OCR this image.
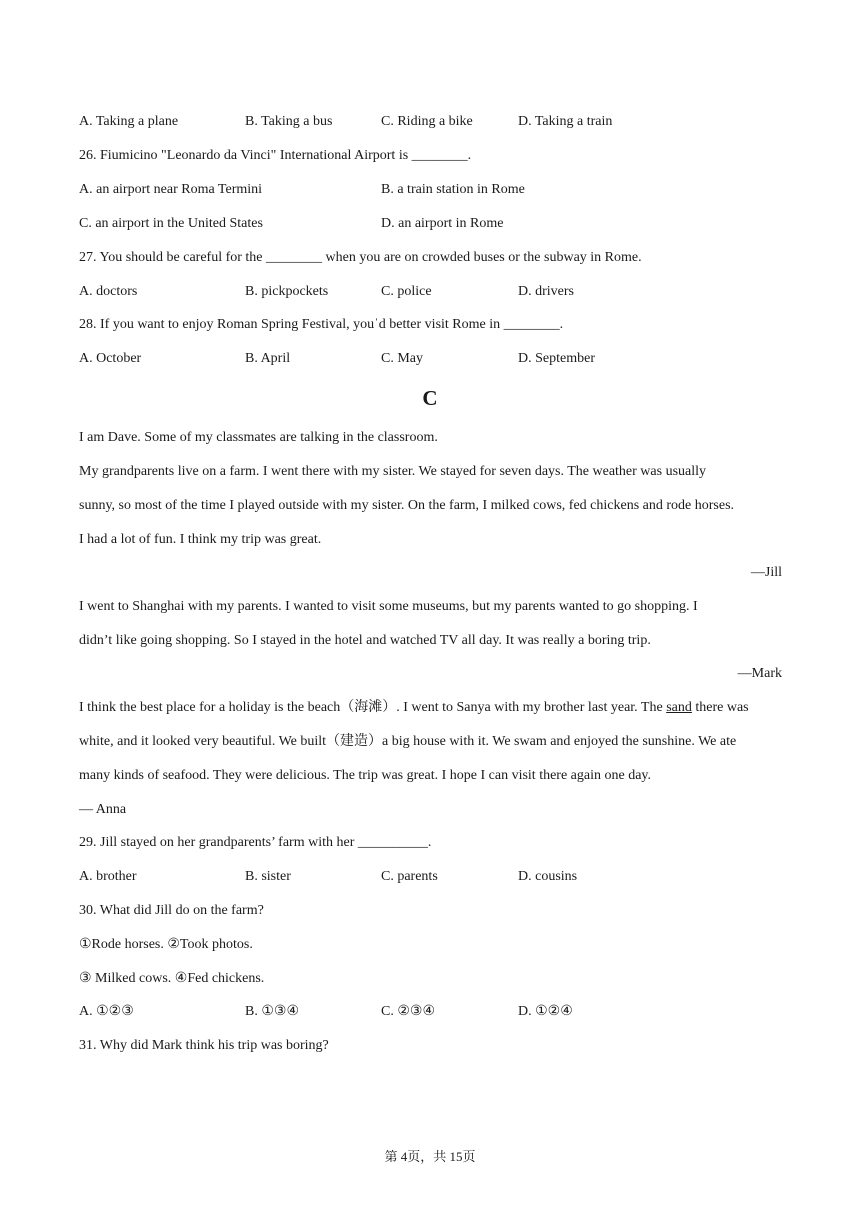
A. Taking a plane	B. Taking a bus	C. Riding a bike	D. Taking a train
26. Fiumicino "Leonardo da Vinci" International Airport is ________.
A. an airport near Roma Termini	B. a train station in Rome
C. an airport in the United States	D. an airport in Rome
27. You should be careful for the ________ when you are on crowded buses or the subway in Rome.
A. doctors	B. pickpockets	C. police	D. drivers
28. If you want to enjoy Roman Spring Festival, youˈd better visit Rome in ________.
A. October	B. April	C. May	D. September
C
I am Dave. Some of my classmates are talking in the classroom.
My grandparents live on a farm. I went there with my sister. We stayed for seven days. The weather was usually
sunny, so most of the time I played outside with my sister. On the farm, I milked cows, fed chickens and rode horses.
I had a lot of fun. I think my trip was great.
—Jill
I went to Shanghai with my parents. I wanted to visit some museums, but my parents wanted to go shopping. I
didn’t like going shopping. So I stayed in the hotel and watched TV all day. It was really a boring trip.
—Mark
I think the best place for a holiday is the beach（海滩）. I went to Sanya with my brother last year. The sand there was
white, and it looked very beautiful. We built（建造）a big house with it. We swam and enjoyed the sunshine. We ate
many kinds of seafood. They were delicious. The trip was great. I hope I can visit there again one day.
— Anna
29. Jill stayed on her grandparents’ farm with her __________.
A. brother	B. sister	C. parents	D. cousins
30. What did Jill do on the farm?
①Rode horses. ②Took photos.
③ Milked cows. ④Fed chickens.
A. ①②③	B. ①③④	C. ②③④	D. ①②④
31. Why did Mark think his trip was boring?
第 4页，共 15页
